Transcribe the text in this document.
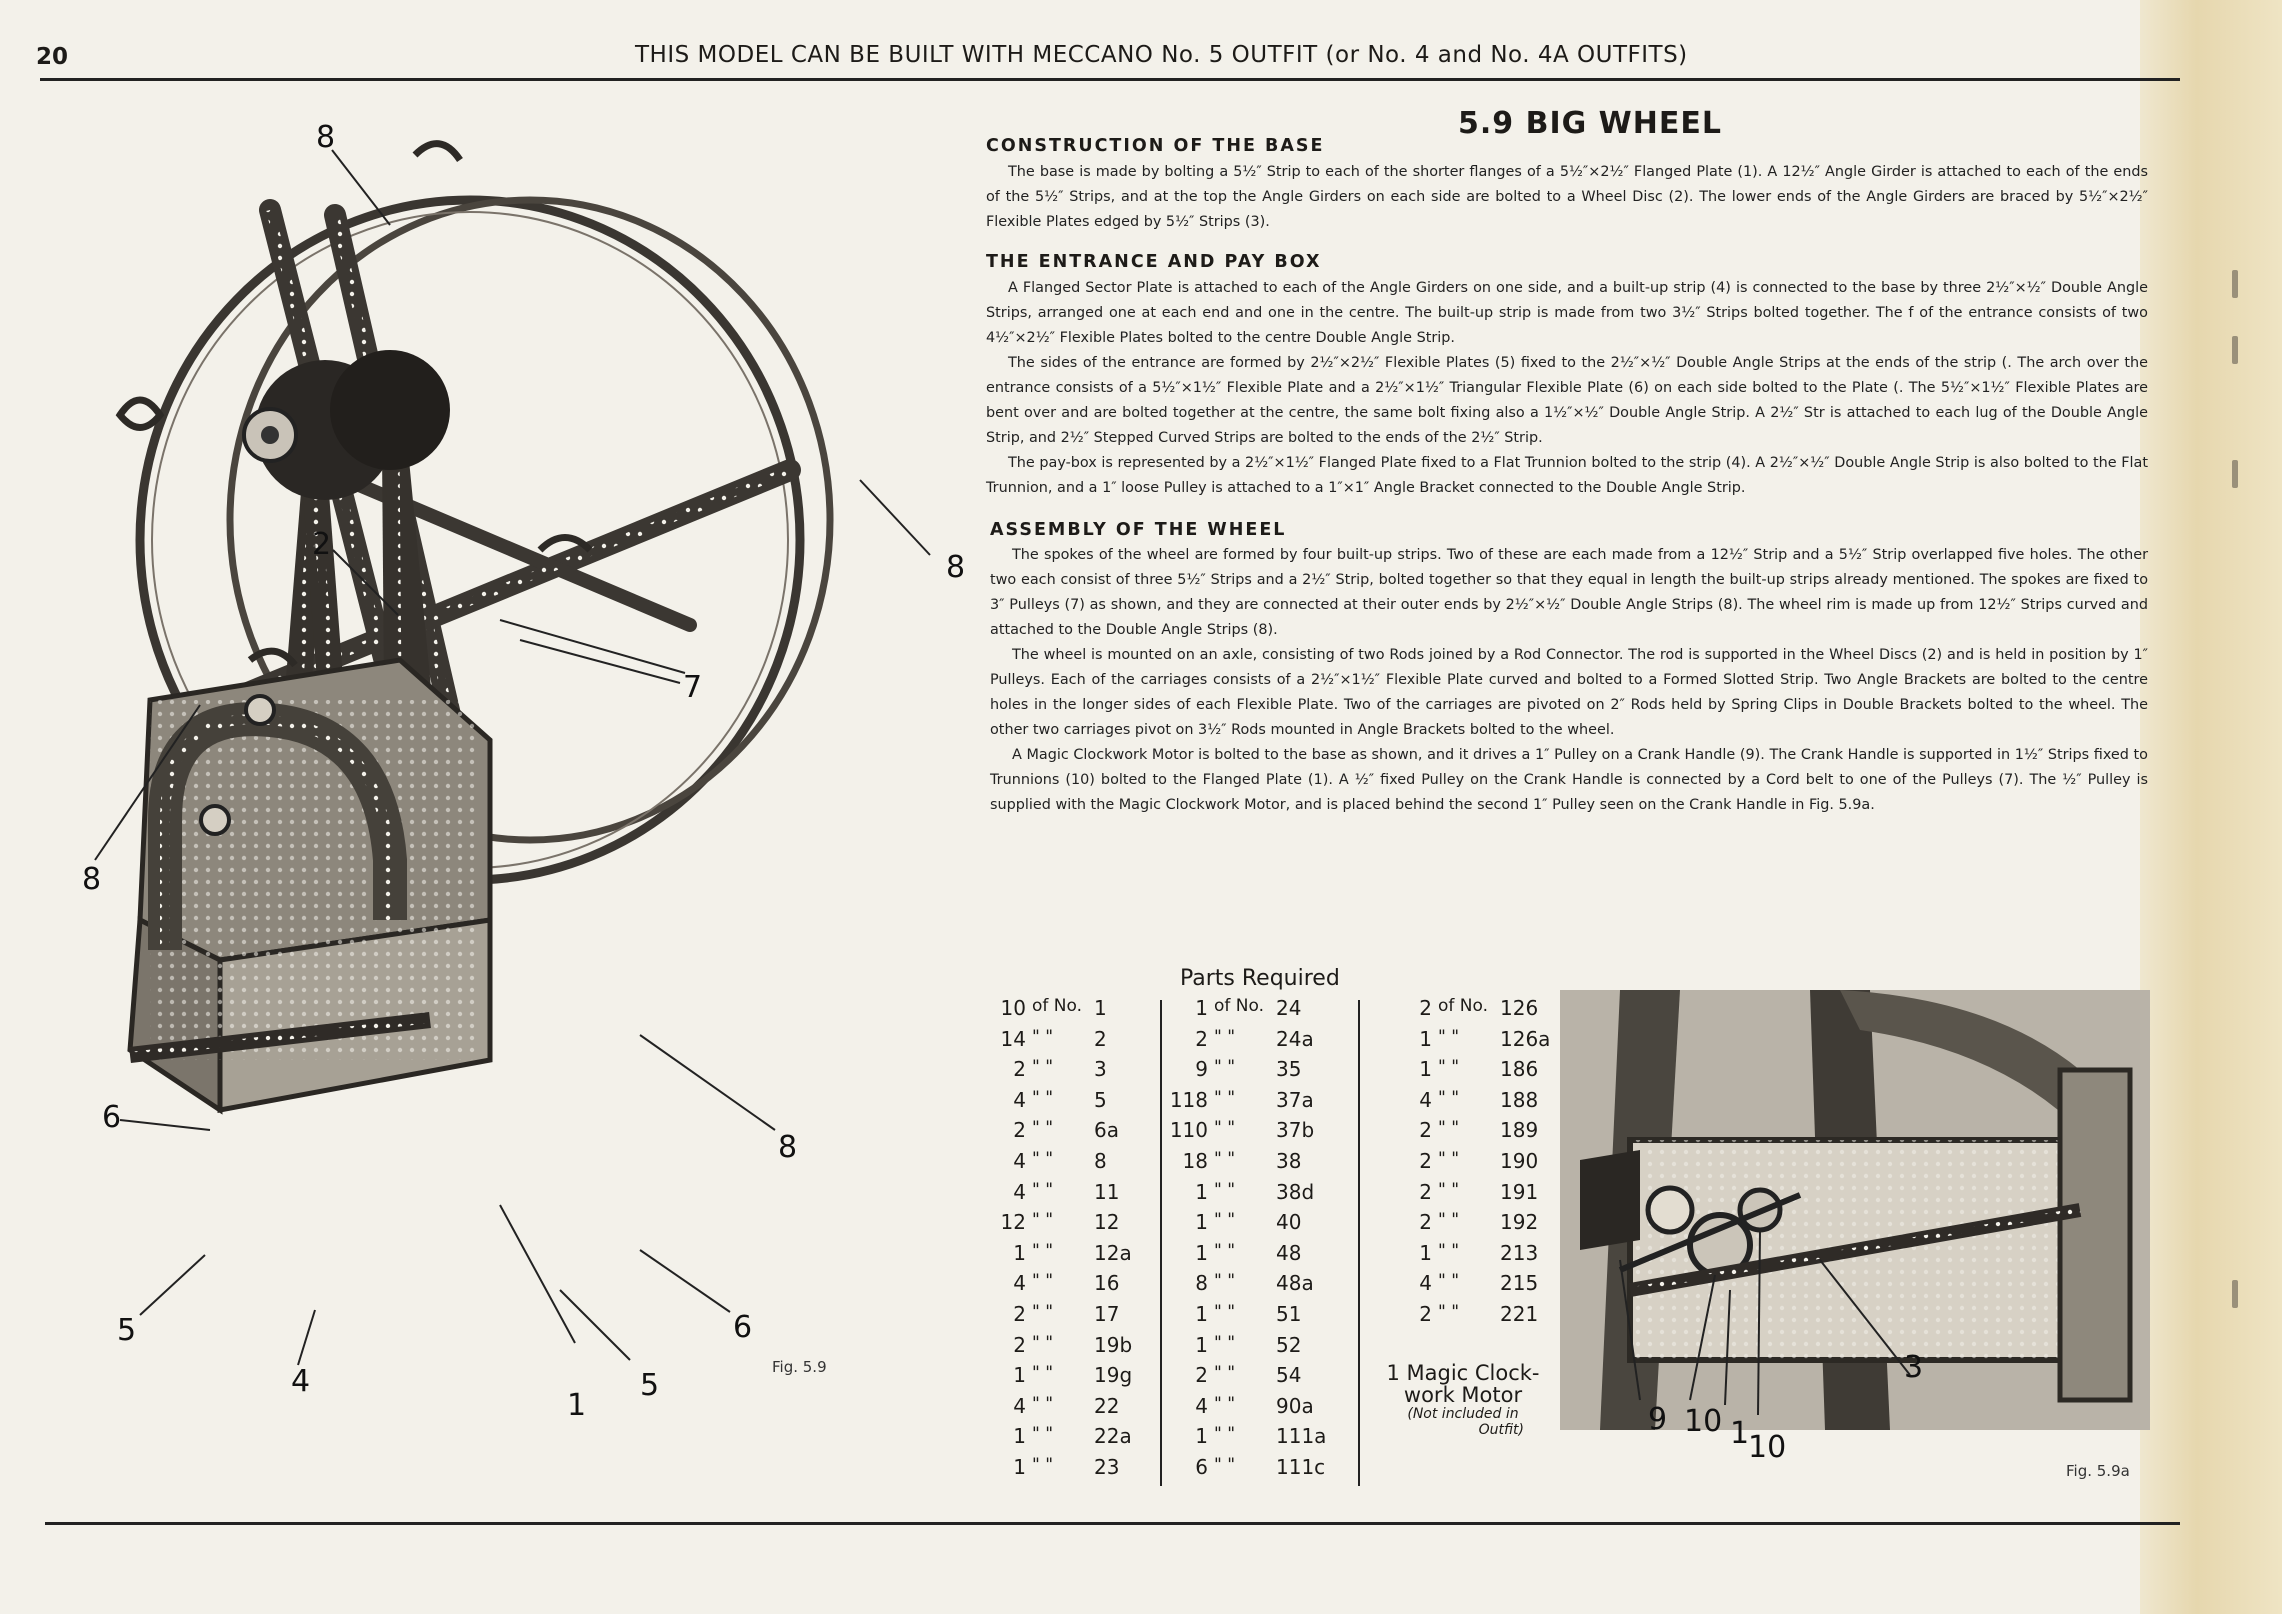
20	THIS MODEL CAN BE BUILT WITH MECCANO No. 5 OUTFIT (or No. 4 and No. 4A OUTFITS)
8
2
7
8
8
8
6
5
4
1
5
6
Fig. 5.9
5.9 BIG WHEEL
CONSTRUCTION OF THE BASE
The base is made by bolting a 5½″ Strip to each of the shorter flanges of a 5½″×2½″ Flanged Plate (1). A 12½″ Angle Girder is attached to each of the ends of the 5½″ Strips, and at the top the Angle Girders on each side are bolted to a Wheel Disc (2). The lower ends of the Angle Girders are braced by 5½″×2½″ Flexible Plates edged by 5½″ Strips (3).
THE ENTRANCE AND PAY BOX
A Flanged Sector Plate is attached to each of the Angle Girders on one side, and a built-up strip (4) is connected to the base by three 2½″×½″ Double Angle Strips, arranged one at each end and one in the centre. The built-up strip is made from two 3½″ Strips bolted together. The f of the entrance consists of two 4½″×2½″ Flexible Plates bolted to the centre Double Angle Strip.
The sides of the entrance are formed by 2½″×2½″ Flexible Plates (5) fixed to the 2½″×½″ Double Angle Strips at the ends of the strip (. The arch over the entrance consists of a 5½″×1½″ Flexible Plate and a 2½″×1½″ Triangular Flexible Plate (6) on each side bolted to the Plate (. The 5½″×1½″ Flexible Plates are bent over and are bolted together at the centre, the same bolt fixing also a 1½″×½″ Double Angle Strip. A 2½″ Str is attached to each lug of the Double Angle Strip, and 2½″ Stepped Curved Strips are bolted to the ends of the 2½″ Strip.
The pay-box is represented by a 2½″×1½″ Flanged Plate fixed to a Flat Trunnion bolted to the strip (4). A 2½″×½″ Double Angle Strip is also bolted to the Flat Trunnion, and a 1″ loose Pulley is attached to a 1″×1″ Angle Bracket connected to the Double Angle Strip.
ASSEMBLY OF THE WHEEL
The spokes of the wheel are formed by four built-up strips. Two of these are each made from a 12½″ Strip and a 5½″ Strip overlapped five holes. The other two each consist of three 5½″ Strips and a 2½″ Strip, bolted together so that they equal in length the built-up strips already mentioned. The spokes are fixed to 3″ Pulleys (7) as shown, and they are connected at their outer ends by 2½″×½″ Double Angle Strips (8). The wheel rim is made up from 12½″ Strips curved and attached to the Double Angle Strips (8).
The wheel is mounted on an axle, consisting of two Rods joined by a Rod Connector. The rod is supported in the Wheel Discs (2) and is held in position by 1″ Pulleys. Each of the carriages consists of a 2½″×1½″ Flexible Plate curved and bolted to a Formed Slotted Strip. Two Angle Brackets are bolted to the centre holes in the longer sides of each Flexible Plate. Two of the carriages are pivoted on 2″ Rods held by Spring Clips in Double Brackets bolted to the wheel. The other two carriages pivot on 3½″ Rods mounted in Angle Brackets bolted to the wheel.
A Magic Clockwork Motor is bolted to the base as shown, and it drives a 1″ Pulley on a Crank Handle (9). The Crank Handle is supported in 1½″ Strips fixed to Trunnions (10) bolted to the Flanged Plate (1). A ½″ fixed Pulley on the Crank Handle is connected by a Cord belt to one of the Pulleys (7). The ½″ Pulley is supplied with the Magic Clockwork Motor, and is placed behind the second 1″ Pulley seen on the Crank Handle in Fig. 5.9a.
Parts Required
10 of No. 1
14 " " 2
2 " " 3
4 " " 5
2 " " 6a
4 " " 8
4 " " 11
12 " " 12
1 " " 12a
4 " " 16
2 " " 17
2 " " 19b
1 " " 19g
4 " " 22
1 " " 22a
1 " " 23
1 of No. 24
2 " " 24a
9 " " 35
118 " " 37a
110 " " 37b
18 " " 38
1 " " 38d
1 " " 40
1 " " 48
8 " " 48a
1 " " 51
1 " " 52
2 " " 54
4 " " 90a
1 " " 111a
6 " " 111c
2 of No. 126
1 " " 126a
1 " " 186
4 " " 188
2 " " 189
2 " " 190
2 " " 191
2 " " 192
1 " " 213
4 " " 215
2 " " 221
1 Magic Clock-
work Motor
(Not included in
Outfit)	9 10 1
10
3
Fig. 5.9a
